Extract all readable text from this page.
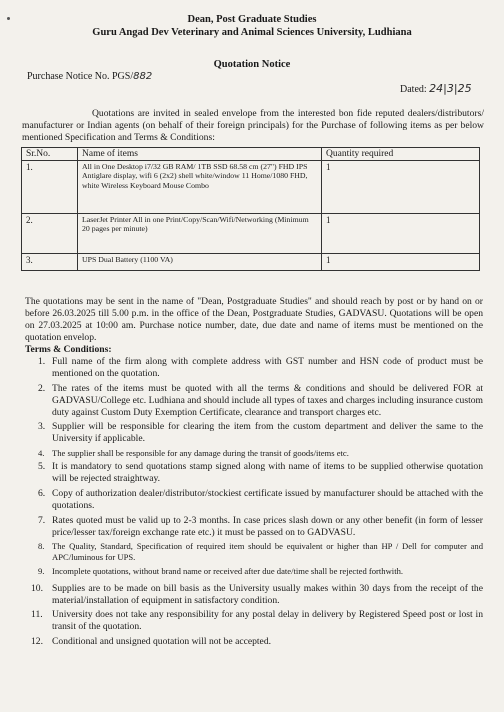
Dean, Post Graduate Studies
Guru Angad Dev Veterinary and Animal Sciences University, Ludhiana
Quotation Notice
Purchase Notice No. PGS/882
Dated: 24|3|25

Quotations are invited in sealed envelope from the interested bon fide reputed dealers/distributors/ manufacturer or Indian agents (on behalf of their foreign principals) for the Purchase of following items as per below mentioned Specification and Terms & Conditions:

Sr.No.	Name of items	Quantity required
1.	All in One Desktop i7/32 GB RAM/ 1TB SSD 68.58 cm (27") FHD IPS Antiglare display, wifi 6 (2x2) shell white/window 11 Home/1080 FHD, white Wireless Keyboard Mouse Combo	1
2.	LaserJet Printer All in one Print/Copy/Scan/Wifi/Networking (Minimum 20 pages per minute)	1
3.	UPS Dual Battery (1100 VA)	1

The quotations may be sent in the name of "Dean, Postgraduate Studies" and should reach by post or by hand on or before 26.03.2025 till 5.00 p.m. in the office of the Dean, Postgraduate Studies, GADVASU. Quotations will be open on 27.03.2025 at 10:00 am. Purchase notice number, date, due date and name of items must be mentioned on the quotation envelop.

Terms & Conditions:
1. Full name of the firm along with complete address with GST number and HSN code of product must be mentioned on the quotation.
2. The rates of the items must be quoted with all the terms & conditions and should be delivered FOR at GADVASU/College etc. Ludhiana and should include all types of taxes and charges including insurance custom duty against Custom Duty Exemption Certificate, clearance and transport charges etc.
3. Supplier will be responsible for clearing the item from the custom department and deliver the same to the University if applicable.
4. The supplier shall be responsible for any damage during the transit of goods/items etc.
5. It is mandatory to send quotations stamp signed along with name of items to be supplied otherwise quotation will be rejected straightway.
6. Copy of authorization dealer/distributor/stockiest certificate issued by manufacturer should be attached with the quotations.
7. Rates quoted must be valid up to 2-3 months. In case prices slash down or any other benefit (in form of lesser price/lesser tax/foreign exchange rate etc.) it must be passed on to GADVASU.
8. The Quality, Standard, Specification of required item should be equivalent or higher than HP / Dell for computer and APC/luminous for UPS.
9. Incomplete quotations, without brand name or received after due date/time shall be rejected forthwith.
10. Supplies are to be made on bill basis as the University usually makes within 30 days from the receipt of the material/installation of equipment in satisfactory condition.
11. University does not take any responsibility for any postal delay in delivery by Registered Speed post or lost in transit of the quotation.
12. Conditional and unsigned quotation will not be accepted.
